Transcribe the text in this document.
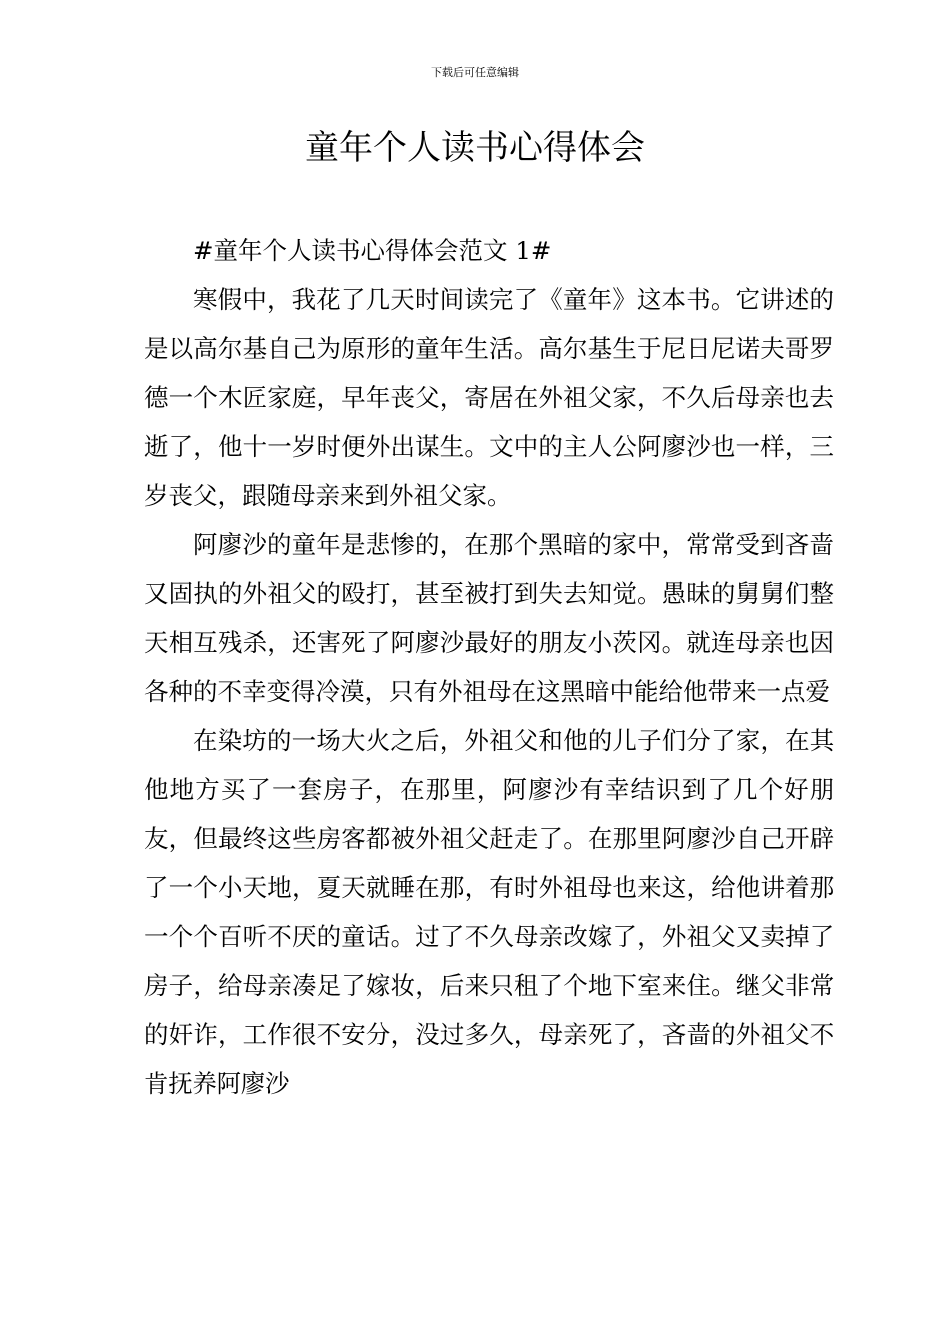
下载后可任意编辑
童年个人读书心得体会

#童年个人读书心得体会范文 1#

寒假中，我花了几天时间读完了《童年》这本书。它讲述的是以高尔基自己为原形的童年生活。高尔基生于尼日尼诺夫哥罗德一个木匠家庭，早年丧父，寄居在外祖父家，不久后母亲也去逝了，他十一岁时便外出谋生。文中的主人公阿廖沙也一样，三岁丧父，跟随母亲来到外祖父家。

阿廖沙的童年是悲惨的，在那个黑暗的家中，常常受到吝啬又固执的外祖父的殴打，甚至被打到失去知觉。愚昧的舅舅们整天相互残杀，还害死了阿廖沙最好的朋友小茨冈。就连母亲也因各种的不幸变得冷漠，只有外祖母在这黑暗中能给他带来一点爱

在染坊的一场大火之后，外祖父和他的儿子们分了家，在其他地方买了一套房子，在那里，阿廖沙有幸结识到了几个好朋友，但最终这些房客都被外祖父赶走了。在那里阿廖沙自己开辟了一个小天地，夏天就睡在那，有时外祖母也来这，给他讲着那一个个百听不厌的童话。过了不久母亲改嫁了，外祖父又卖掉了房子，给母亲凑足了嫁妆，后来只租了个地下室来住。继父非常的奸诈，工作很不安分，没过多久，母亲死了，吝啬的外祖父不肯抚养阿廖沙
